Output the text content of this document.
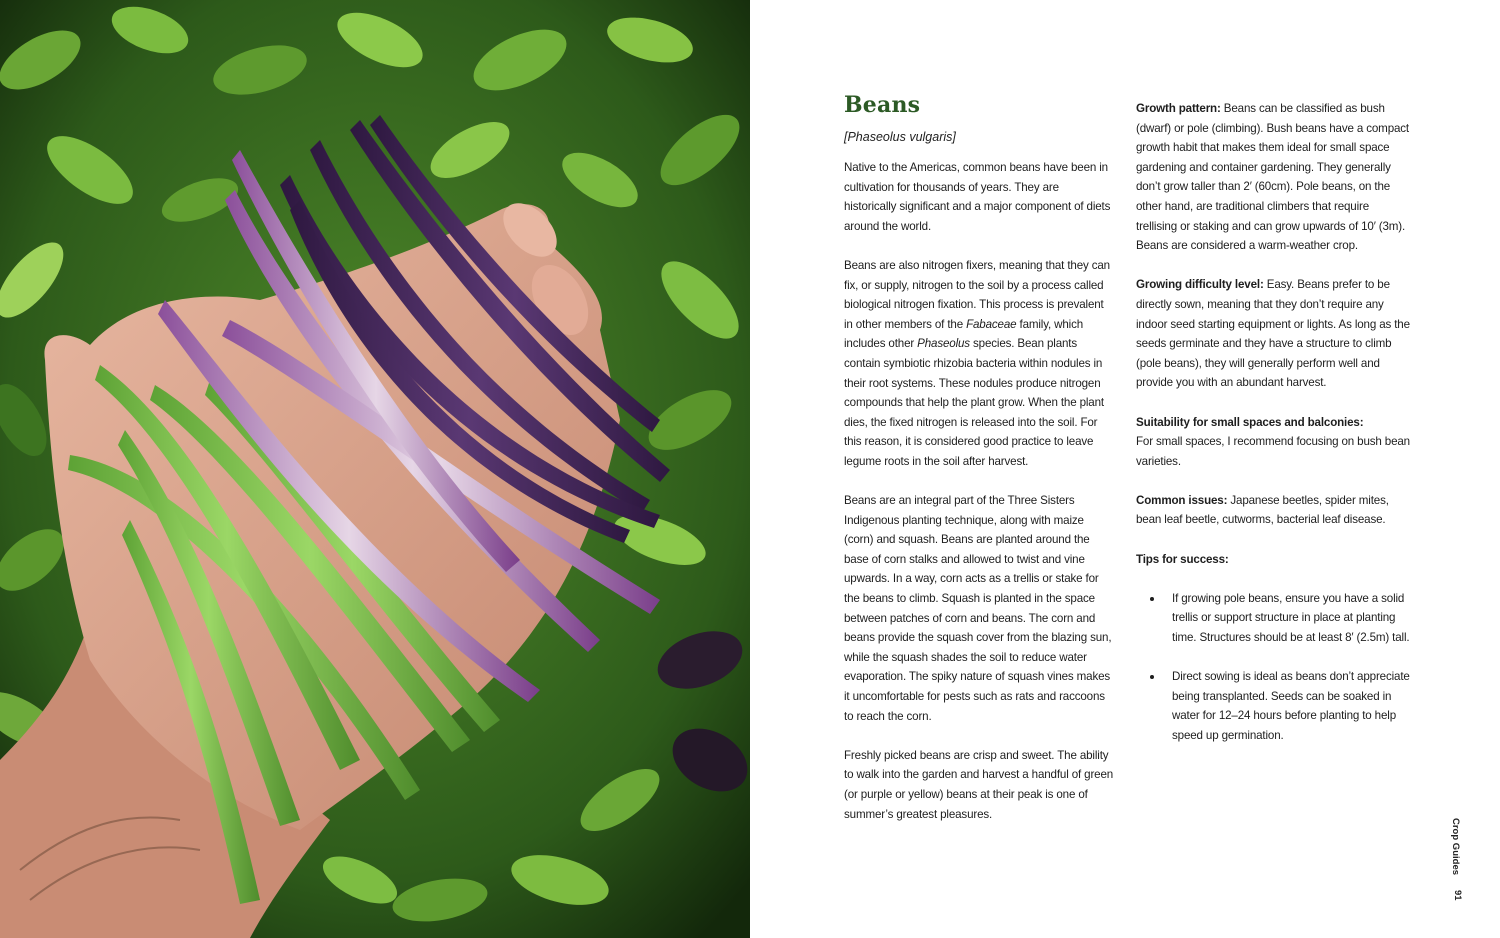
Beans
[Phaseolus vulgaris]

Native to the Americas, common beans have been in cultivation for thousands of years. They are historically significant and a major component of diets around the world.

Beans are also nitrogen fixers, meaning that they can fix, or supply, nitrogen to the soil by a process called biological nitrogen fixation. This process is prevalent in other members of the Fabaceae family, which includes other Phaseolus species. Bean plants contain symbiotic rhizobia bacteria within nodules in their root systems. These nodules produce nitrogen compounds that help the plant grow. When the plant dies, the fixed nitrogen is released into the soil. For this reason, it is considered good practice to leave legume roots in the soil after harvest.

Beans are an integral part of the Three Sisters Indigenous planting technique, along with maize (corn) and squash. Beans are planted around the base of corn stalks and allowed to twist and vine upwards. In a way, corn acts as a trellis or stake for the beans to climb. Squash is planted in the space between patches of corn and beans. The corn and beans provide the squash cover from the blazing sun, while the squash shades the soil to reduce water evaporation. The spiky nature of squash vines makes it uncomfortable for pests such as rats and raccoons to reach the corn.

Freshly picked beans are crisp and sweet. The ability to walk into the garden and harvest a handful of green (or purple or yellow) beans at their peak is one of summer’s greatest pleasures.

Growth pattern: Beans can be classified as bush (dwarf) or pole (climbing). Bush beans have a compact growth habit that makes them ideal for small space gardening and container gardening. They generally don’t grow taller than 2′ (60cm). Pole beans, on the other hand, are traditional climbers that require trellising or staking and can grow upwards of 10′ (3m). Beans are considered a warm-weather crop.

Growing difficulty level: Easy. Beans prefer to be directly sown, meaning that they don’t require any indoor seed starting equipment or lights. As long as the seeds germinate and they have a structure to climb (pole beans), they will generally perform well and provide you with an abundant harvest.

Suitability for small spaces and balconies:
For small spaces, I recommend focusing on bush bean varieties.

Common issues: Japanese beetles, spider mites, bean leaf beetle, cutworms, bacterial leaf disease.

Tips for success:

If growing pole beans, ensure you have a solid trellis or support structure in place at planting time. Structures should be at least 8′ (2.5m) tall.
Direct sowing is ideal as beans don’t appreciate being transplanted. Seeds can be soaked in water for 12–24 hours before planting to help speed up germination.
Crop Guides
91
